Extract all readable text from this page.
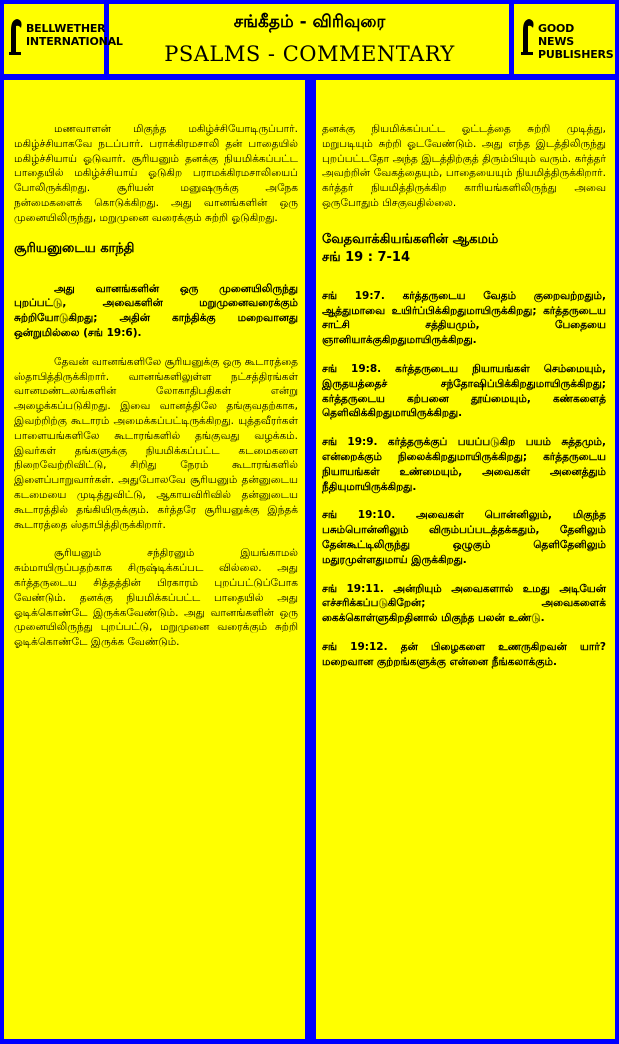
BELLWETHER
INTERNATIONAL
சங்கீதம் - விரிவுரை
PSALMS - COMMENTARY
GOOD NEWS
PUBLISHERS

மணவாளன் மிகுந்த மகிழ்ச்சியோடிருப்பார். மகிழ்ச்சியாகவே நடப்பார். பராக்கிரமசாலி தன் பாதையில் மகிழ்ச்சியாய் ஓடுவார். சூரியனும் தனக்கு நியமிக்கப்பட்ட பாதையில் மகிழ்ச்சியாய் ஓடுகிற பராமக்கிரமசாலியைப் போலிருக்கிறது. சூரியன் மனுஷருக்கு அநேக நன்மைகளைக் கொடுக்கிறது. அது வானங்களின் ஒரு முனையிலிருந்து, மறுமுனை வரைக்கும் சுற்றி ஓடுகிறது.

சூரியனுடைய காந்தி

அது வானங்களின் ஒரு முனையிலிருந்து புறப்பட்டு, அவைகளின் மறுமுனைவரைக்கும் சுற்றியோடுகிறது; அதின் காந்திக்கு மறைவானது ஒன்றுமில்லை (சங் 19:6).

தேவன் வானங்களிலே சூரியனுக்கு ஒரு கூடாரத்தை ஸ்தாபித்திருக்கிறார். வானங்களிலுள்ள நட்சத்திரங்கள் வானமண்டலங்களின் லோகாதிபதிகள் என்று அழைக்கப்படுகிறது. இவை வானத்திலே தங்குவதற்காக, இவற்றிற்கு கூடாரம் அமைக்கப்பட்டிருக்கிறது. யுத்தவீரர்கள் பாளையங்களிலே கூடாரங்களில் தங்குவது வழக்கம். இவர்கள் தங்களுக்கு நியமிக்கப்பட்ட கடமைகளை நிறைவேற்றிவிட்டு, சிறிது நேரம் கூடாரங்களில் இளைப்பாறுவார்கள். அதுபோலவே சூரியனும் தன்னுடைய கடமையை முடித்துவிட்டு, ஆகாயவிரிவில் தன்னுடைய கூடாரத்தில் தங்கியிருக்கும். கர்த்தரே சூரியனுக்கு இந்தக் கூடாரத்தை ஸ்தாபித்திருக்கிறார்.

சூரியனும் சந்திரனும் இயங்காமல் சும்மாயிருப்பதற்காக சிருஷ்டிக்கப்பட வில்லை. அது கர்த்தருடைய சித்தத்தின் பிரகாரம் புறப்பட்டுப்போக வேண்டும். தனக்கு நியமிக்கப்பட்ட பாதையில் அது ஓடிக்கொண்டே இருக்கவேண்டும். அது வானங்களின் ஒரு முனையிலிருந்து புறப்பட்டு, மறுமுனை வரைக்கும் சுற்றி ஓடிக்கொண்டே இருக்க வேண்டும்.

தனக்கு நியமிக்கப்பட்ட ஓட்டத்தை சுற்றி முடித்து, மறுபடியும் சுற்றி ஓடவேண்டும். அது எந்த இடத்திலிருந்து புறப்பட்டதோ அந்த இடத்திற்குத் திரும்பியும் வரும். கர்த்தர் அவற்றின் வேகத்தையும், பாதையையும் நியமித்திருக்கிறார். கர்த்தர் நியமித்திருக்கிற காரியங்களிலிருந்து அவை ஒருபோதும் பிசகுவதில்லை.

வேதவாக்கியங்களின் ஆகமம்

சங் 19 : 7-14

சங் 19:7. கர்த்தருடைய வேதம் குறைவற்றதும், ஆத்துமாவை உயிர்ப்பிக்கிறதுமாயிருக்கிறது; கர்த்தருடைய சாட்சி சத்தியமும், பேதையை ஞானியாக்குகிறதுமாயிருக்கிறது.

சங் 19:8. கர்த்தருடைய நியாயங்கள் செம்மையும், இருதயத்தைச் சந்தோஷிப்பிக்கிறதுமாயிருக்கிறது; கர்த்தருடைய கற்பனை தூய்மையும், கண்களைத் தெளிவிக்கிறதுமாயிருக்கிறது.

சங் 19:9. கர்த்தருக்குப் பயப்படுகிற பயம் சுத்தமும், என்றைக்கும் நிலைக்கிறதுமாயிருக்கிறது; கர்த்தருடைய நியாயங்கள் உண்மையும், அவைகள் அனைத்தும் நீதியுமாயிருக்கிறது.

சங் 19:10. அவைகள் பொன்னிலும், மிகுந்த பசும்பொன்னிலும் விரும்பப்படத்தக்கதும், தேனிலும் தேன்கூட்டிலிருந்து ஒழுகும் தெளிதேனிலும் மதுரமுள்ளதுமாய் இருக்கிறது.

சங் 19:11. அன்றியும் அவைகளால் உமது அடியேன் எச்சரிக்கப்படுகிறேன்; அவைகளைக் கைக்கொள்ளுகிறதினால் மிகுந்த பலன் உண்டு.

சங் 19:12. தன் பிழைகளை உணருகிறவன் யார்? மறைவான குற்றங்களுக்கு என்னை நீங்கலாக்கும்.
